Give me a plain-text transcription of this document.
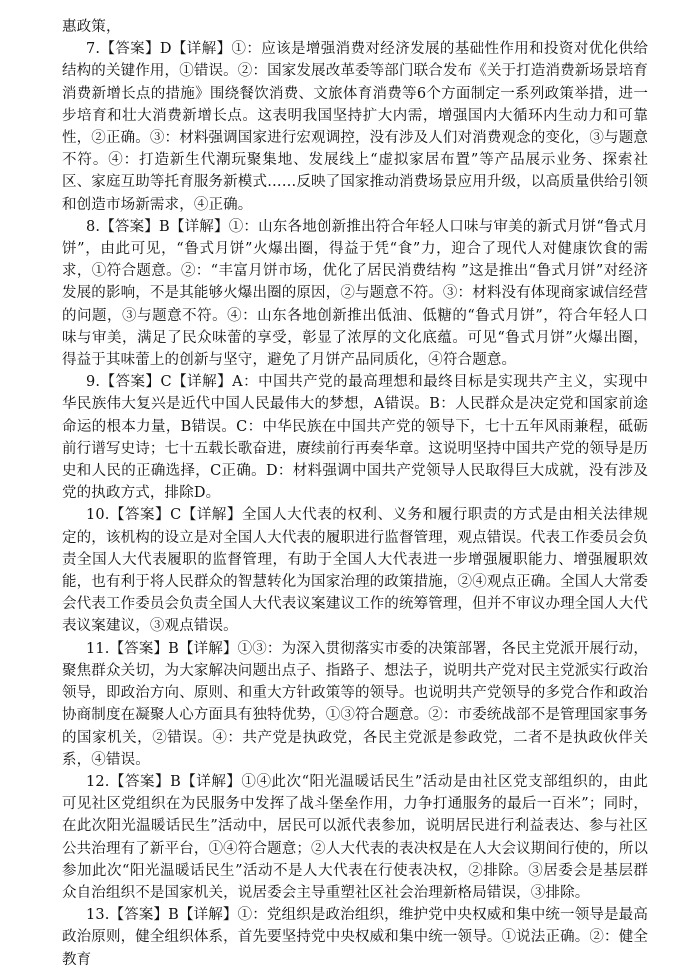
惠政策，

7.【答案】D【详解】①：应该是增强消费对经济发展的基础性作用和投资对优化供给结构的关键作用，①错误。②：国家发展改革委等部门联合发布《关于打造消费新场景培育消费新增长点的措施》围绕餐饮消费、文旅体育消费等6个方面制定一系列政策举措，进一步培育和壮大消费新增长点。这表明我国坚持扩大内需，增强国内大循环内生动力和可靠性，②正确。③：材料强调国家进行宏观调控，没有涉及人们对消费观念的变化，③与题意不符。④：打造新生代潮玩聚集地、发展线上“虚拟家居布置”等产品展示业务、探索社区、家庭互助等托育服务新模式……反映了国家推动消费场景应用升级，以高质量供给引领和创造市场新需求，④正确。

8.【答案】B【详解】①：山东各地创新推出符合年轻人口味与审美的新式月饼“鲁式月饼”，由此可见，“鲁式月饼”火爆出圈，得益于凭“食”力，迎合了现代人对健康饮食的需求，①符合题意。②：“丰富月饼市场，优化了居民消费结构 ”这是推出“鲁式月饼”对经济发展的影响，不是其能够火爆出圈的原因，②与题意不符。③：材料没有体现商家诚信经营的问题，③与题意不符。④：山东各地创新推出低油、低糖的“鲁式月饼”，符合年轻人口味与审美，满足了民众味蕾的享受，彰显了浓厚的文化底蕴。可见“鲁式月饼”火爆出圈，得益于其味蕾上的创新与坚守，避免了月饼产品同质化，④符合题意。

9.【答案】C【详解】A：中国共产党的最高理想和最终目标是实现共产主义，实现中华民族伟大复兴是近代中国人民最伟大的梦想，A错误。B：人民群众是决定党和国家前途命运的根本力量，B错误。C：中华民族在中国共产党的领导下，七十五年风雨兼程，砥砺前行谱写史诗；七十五载长歌奋进，赓续前行再奏华章。这说明坚持中国共产党的领导是历史和人民的正确选择，C正确。D：材料强调中国共产党领导人民取得巨大成就，没有涉及党的执政方式，排除D。

10.【答案】C【详解】全国人大代表的权利、义务和履行职责的方式是由相关法律规定的，该机构的设立是对全国人大代表的履职进行监督管理，观点错误。代表工作委员会负责全国人大代表履职的监督管理，有助于全国人大代表进一步增强履职能力、增强履职效能，也有利于将人民群众的智慧转化为国家治理的政策措施，②④观点正确。全国人大常委会代表工作委员会负责全国人大代表议案建议工作的统筹管理，但并不审议办理全国人大代表议案建议，③观点错误。

11.【答案】B【详解】①③：为深入贯彻落实市委的决策部署，各民主党派开展行动，聚焦群众关切，为大家解决问题出点子、指路子、想法子，说明共产党对民主党派实行政治领导，即政治方向、原则、和重大方针政策等的领导。也说明共产党领导的多党合作和政治协商制度在凝聚人心方面具有独特优势，①③符合题意。②：市委统战部不是管理国家事务的国家机关，②错误。④：共产党是执政党，各民主党派是参政党，二者不是执政伙伴关系，④错误。

12.【答案】B【详解】①④此次“阳光温暖话民生”活动是由社区党支部组织的，由此可见社区党组织在为民服务中发挥了战斗堡垒作用，力争打通服务的最后一百米”；同时，在此次阳光温暖话民生”活动中，居民可以派代表参加，说明居民进行利益表达、参与社区公共治理有了新平台，①④符合题意；②人大代表的表决权是在人大会议期间行使的，所以参加此次“阳光温暖话民生”活动不是人大代表在行使表决权，②排除。③居委会是基层群众自治组织不是国家机关，说居委会主导重塑社区社会治理新格局错误，③排除。

13.【答案】B【详解】①：党组织是政治组织，维护党中央权威和集中统一领导是最高政治原则，健全组织体系，首先要坚持党中央权威和集中统一领导。①说法正确。②：健全教育
